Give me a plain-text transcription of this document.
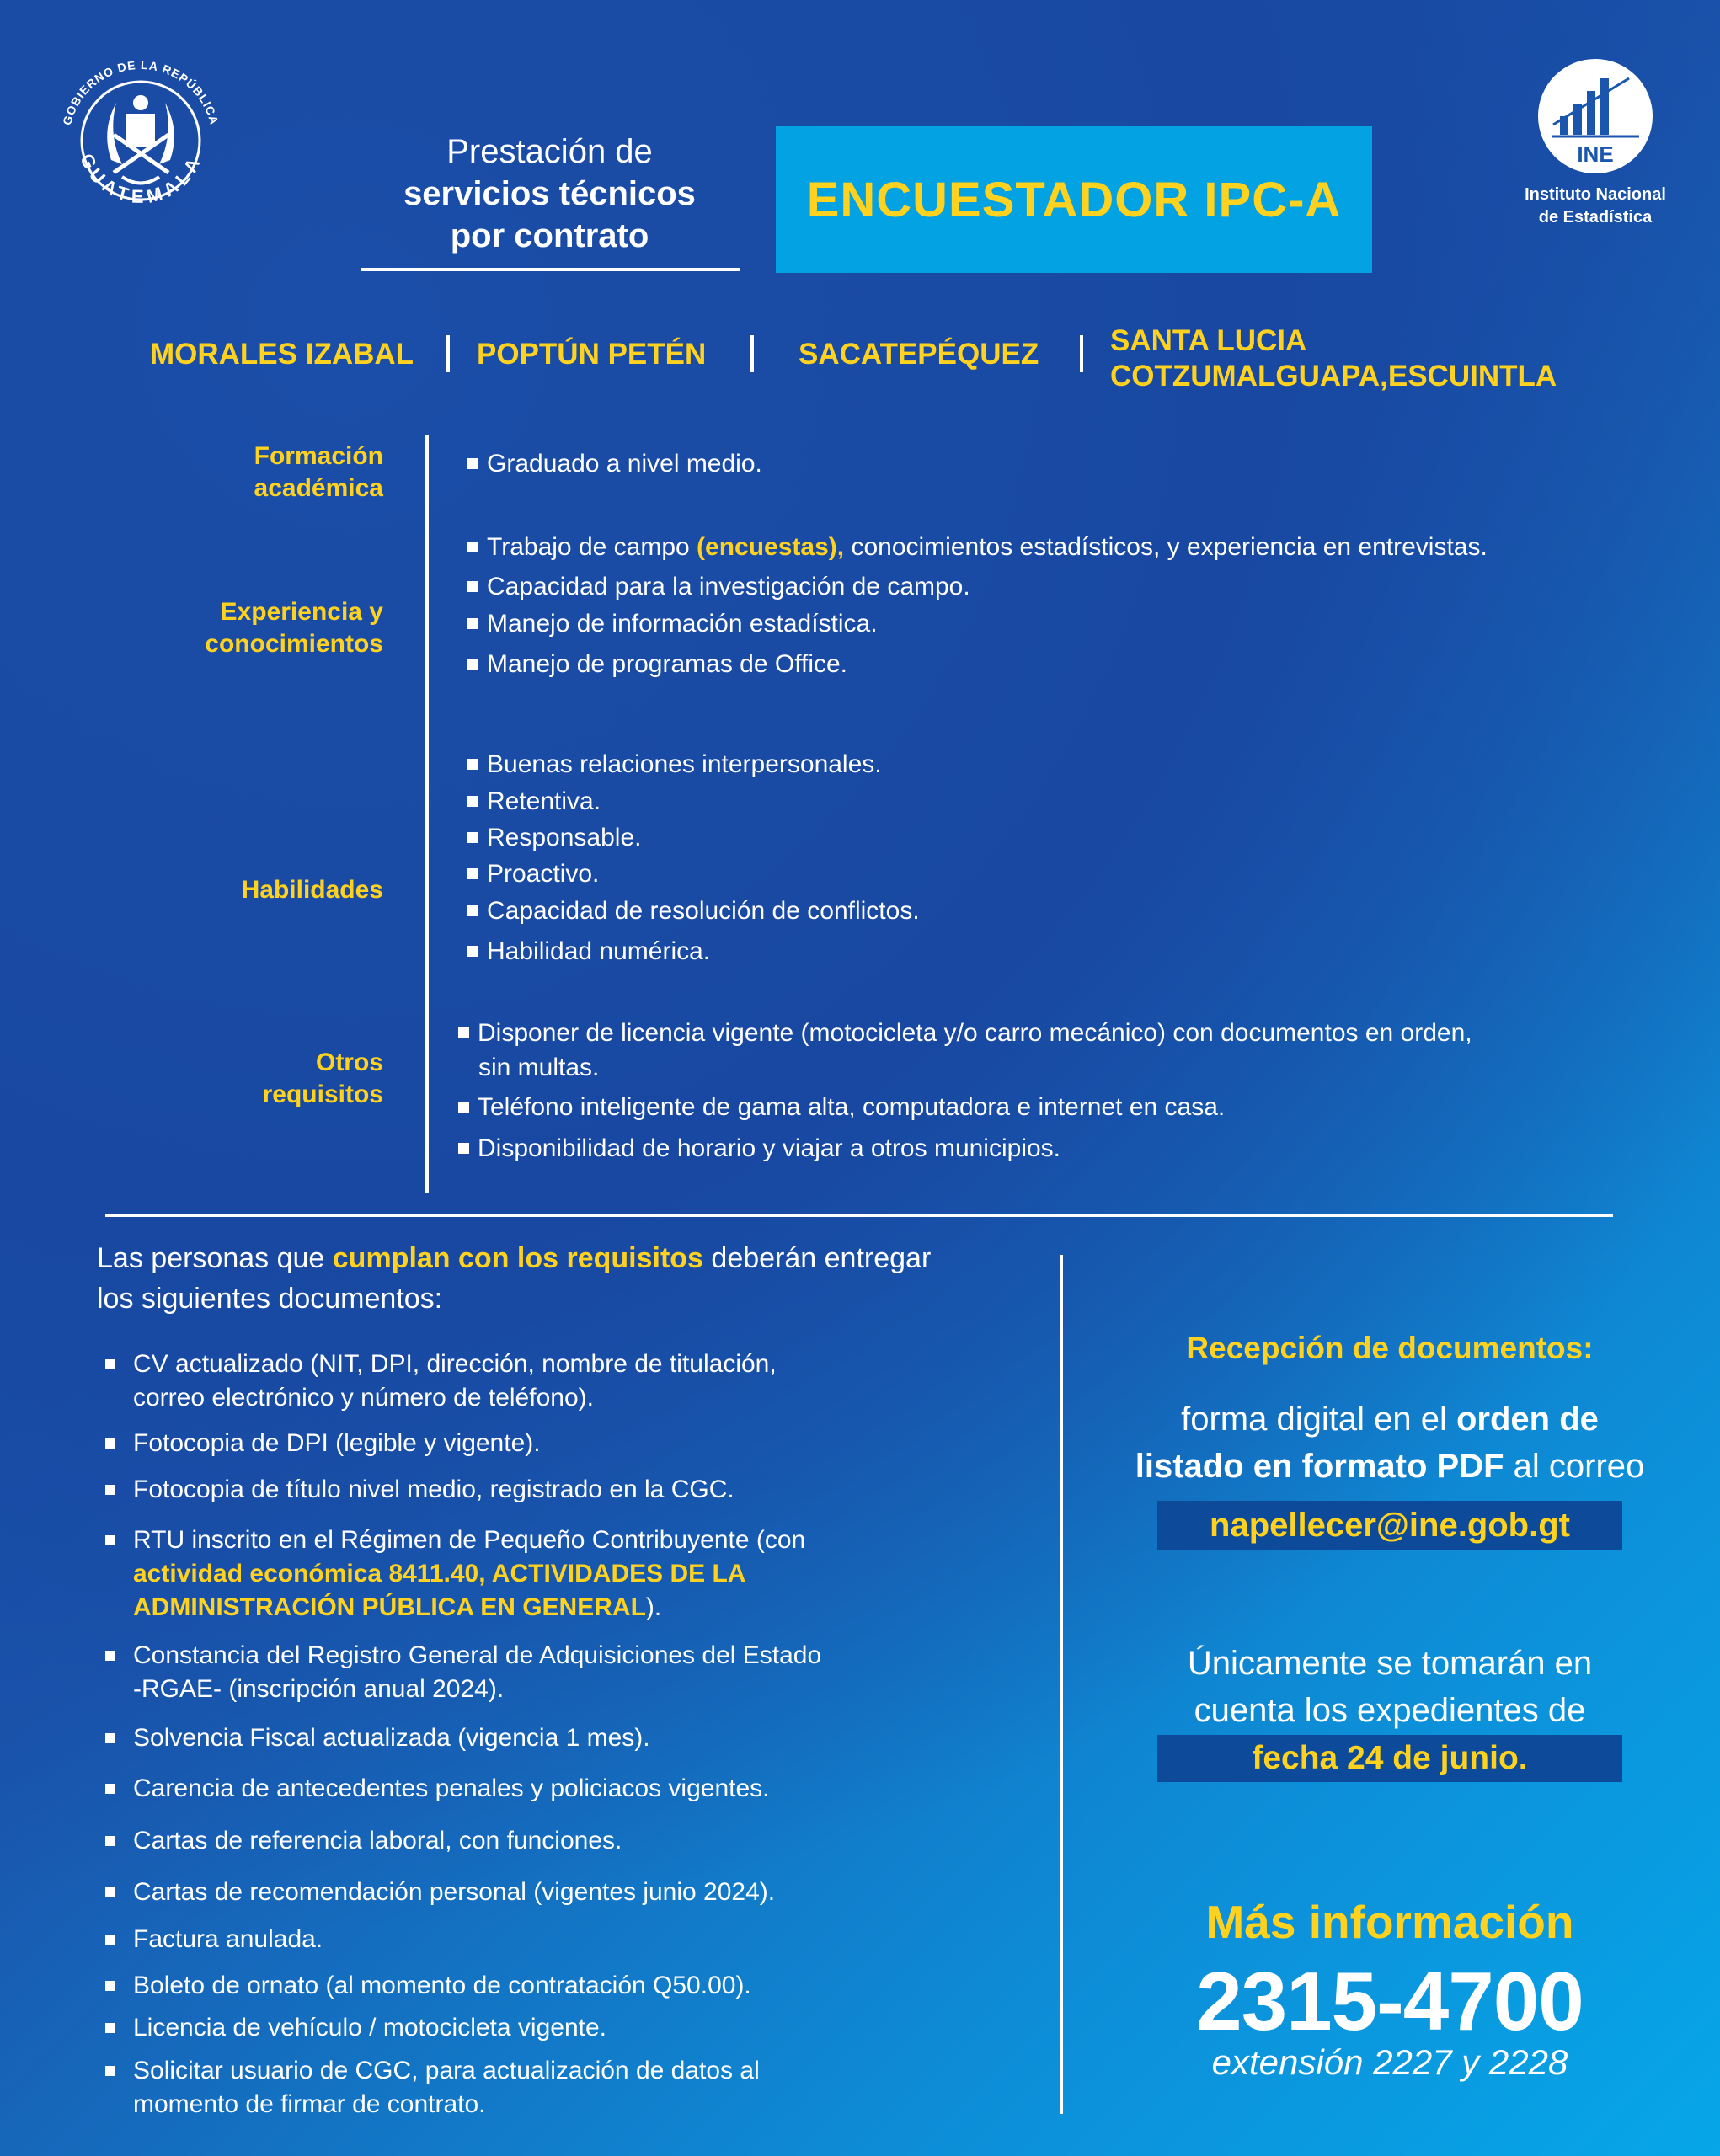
GOBIERNO DE LA REPÚBLICA
GUATEMALA	Prestación de
servicios técnicos
por contrato
ENCUESTADOR IPC-A
INE
Instituto Nacional
de Estadística
MORALES IZABAL POPTÚN PETÉN	SACATEPÉQUEZ SANTA LUCIA
COTZUMALGUAPA,ESCUINTLA
Formación
académica
Graduado a nivel medio.
Experiencia y
conocimientos
Trabajo de campo (encuestas), conocimientos estadísticos, y experiencia en entrevistas.
Capacidad para la investigación de campo.
Manejo de información estadística.
Manejo de programas de Office.
Habilidades
Buenas relaciones interpersonales.
Retentiva.
Responsable.
Proactivo.
Capacidad de resolución de conflictos.
Habilidad numérica.
Otros
requisitos
Disponer de licencia vigente (motocicleta y/o carro mecánico) con documentos en orden,
sin multas.
Teléfono inteligente de gama alta, computadora e internet en casa.
Disponibilidad de horario y viajar a otros municipios.
Las personas que cumplan con los requisitos deberán entregar
los siguientes documentos:
CV actualizado (NIT, DPI, dirección, nombre de titulación,
correo electrónico y número de teléfono).
Fotocopia de DPI (legible y vigente).
Fotocopia de título nivel medio, registrado en la CGC.
RTU inscrito en el Régimen de Pequeño Contribuyente (con
actividad económica 8411.40, ACTIVIDADES DE LA
ADMINISTRACIÓN PÚBLICA EN GENERAL).
Constancia del Registro General de Adquisiciones del Estado
-RGAE- (inscripción anual 2024).
Solvencia Fiscal actualizada (vigencia 1 mes).
Carencia de antecedentes penales y policiacos vigentes.
Cartas de referencia laboral, con funciones.
Cartas de recomendación personal (vigentes junio 2024).
Factura anulada.
Boleto de ornato (al momento de contratación Q50.00).
Licencia de vehículo / motocicleta vigente.
Solicitar usuario de CGC, para actualización de datos al
momento de firmar de contrato.
Recepción de documentos:
forma digital en el orden de
listado en formato PDF al correo
napellecer@ine.gob.gt
Únicamente se tomarán en
cuenta los expedientes de
fecha 24 de junio.
Más información
2315-4700
extensión 2227 y 2228
